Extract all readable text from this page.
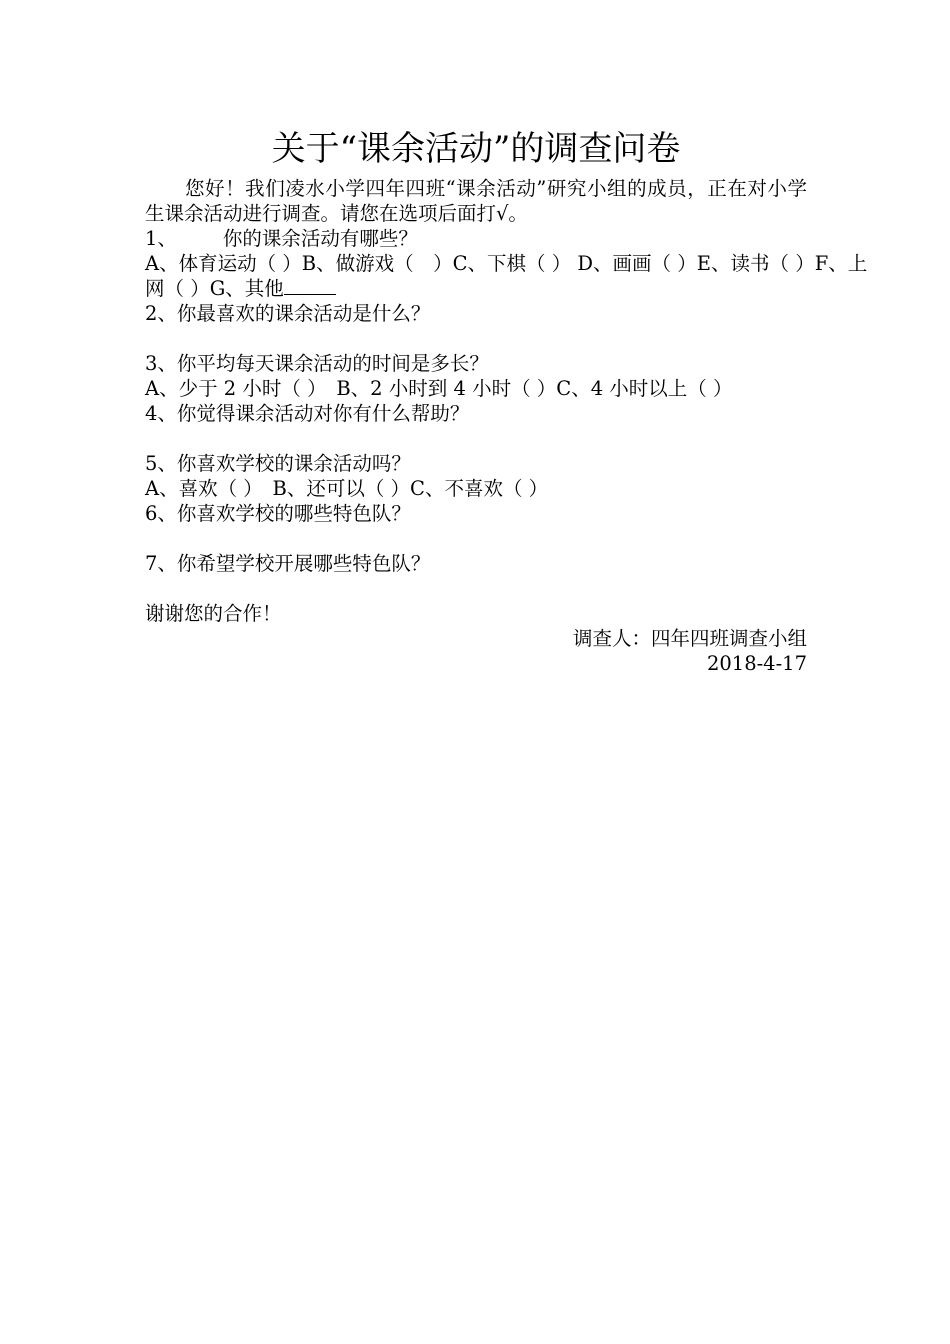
关于“课余活动”的调查问卷

您好！我们凌水小学四年四班“课余活动”研究小组的成员，正在对小学生课余活动进行调查。请您在选项后面打√。

1、 你的课余活动有哪些？
A、体育运动（ ）B、做游戏（　）C、下棋（ ） D、画画（ ）E、读书（ ）F、上
网（ ）G、其他
2、你最喜欢的课余活动是什么？
3、你平均每天课余活动的时间是多长？
A、少于 2 小时（ ）　B、2 小时到 4 小时（ ）C、4 小时以上（ ）
4、你觉得课余活动对你有什么帮助？
5、你喜欢学校的课余活动吗？
A、喜欢（ ）　B、还可以（ ）C、不喜欢（ ）
6、你喜欢学校的哪些特色队？
7、你希望学校开展哪些特色队？
谢谢您的合作！
调查人：四年四班调查小组
2018-4-17
